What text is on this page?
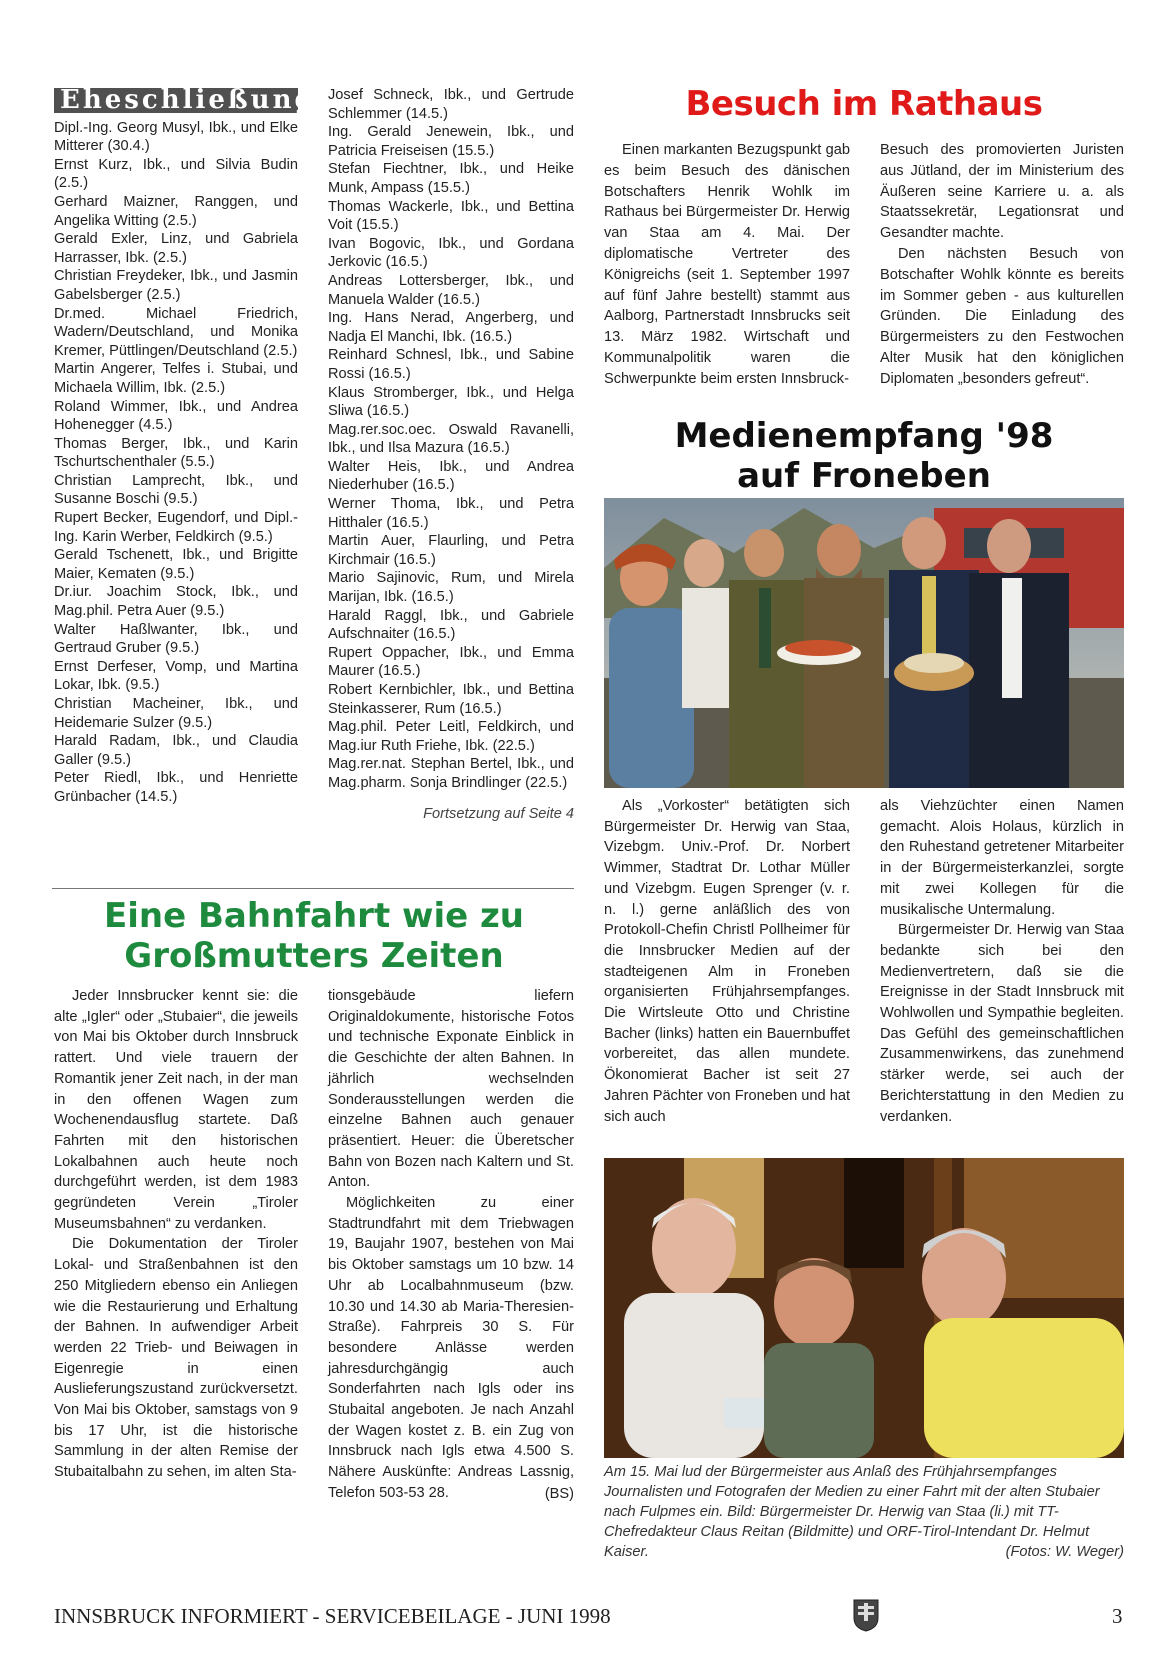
Eheschließungen

Dipl.-Ing. Georg Musyl, Ibk., und Elke Mitterer (30.4.)

Ernst Kurz, Ibk., und Silvia Budin (2.5.)

Gerhard Maizner, Ranggen, und Angelika Witting (2.5.)

Gerald Exler, Linz, und Gabriela Harrasser, Ibk. (2.5.)

Christian Freydeker, Ibk., und Jasmin Gabelsberger (2.5.)

Dr.med. Michael Friedrich, Wadern/Deutschland, und Monika Kremer, Püttlingen/Deutschland (2.5.)

Martin Angerer, Telfes i. Stubai, und Michaela Willim, Ibk. (2.5.)

Roland Wimmer, Ibk., und Andrea Hohenegger (4.5.)

Thomas Berger, Ibk., und Karin Tschurtschenthaler (5.5.)

Christian Lamprecht, Ibk., und Susanne Boschi (9.5.)

Rupert Becker, Eugendorf, und Dipl.-Ing. Karin Werber, Feldkirch (9.5.)

Gerald Tschenett, Ibk., und Brigitte Maier, Kematen (9.5.)

Dr.iur. Joachim Stock, Ibk., und Mag.phil. Petra Auer (9.5.)

Walter Haßlwanter, Ibk., und Gertraud Gruber (9.5.)

Ernst Derfeser, Vomp, und Martina Lokar, Ibk. (9.5.)

Christian Macheiner, Ibk., und Heidemarie Sulzer (9.5.)

Harald Radam, Ibk., und Claudia Galler (9.5.)

Peter Riedl, Ibk., und Henriette Grünbacher (14.5.)

Josef Schneck, Ibk., und Gertrude Schlemmer (14.5.)

Ing. Gerald Jenewein, Ibk., und Patricia Freiseisen (15.5.)

Stefan Fiechtner, Ibk., und Heike Munk, Ampass (15.5.)

Thomas Wackerle, Ibk., und Bettina Voit (15.5.)

Ivan Bogovic, Ibk., und Gordana Jerkovic (16.5.)

Andreas Lottersberger, Ibk., und Manuela Walder (16.5.)

Ing. Hans Nerad, Angerberg, und Nadja El Manchi, Ibk. (16.5.)

Reinhard Schnesl, Ibk., und Sabine Rossi (16.5.)

Klaus Stromberger, Ibk., und Helga Sliwa (16.5.)

Mag.rer.soc.oec. Oswald Ravanelli, Ibk., und Ilsa Mazura (16.5.)

Walter Heis, Ibk., und Andrea Niederhuber (16.5.)

Werner Thoma, Ibk., und Petra Hitthaler (16.5.)

Martin Auer, Flaurling, und Petra Kirchmair (16.5.)

Mario Sajinovic, Rum, und Mirela Marijan, Ibk. (16.5.)

Harald Raggl, Ibk., und Gabriele Aufschnaiter (16.5.)

Rupert Oppacher, Ibk., und Emma Maurer (16.5.)

Robert Kernbichler, Ibk., und Bettina Steinkasserer, Rum (16.5.)

Mag.phil. Peter Leitl, Feldkirch, und Mag.iur Ruth Friehe, Ibk. (22.5.)

Mag.rer.nat. Stephan Bertel, Ibk., und Mag.pharm. Sonja Brindlinger (22.5.)

Fortsetzung auf Seite 4

Eine Bahnfahrt wie zu
Großmutters Zeiten

Jeder Innsbrucker kennt sie: die alte „Igler“ oder „Stubaier“, die jeweils von Mai bis Oktober durch Innsbruck rattert. Und viele trauern der Romantik jener Zeit nach, in der man in den offenen Wagen zum Wochenendausflug startete. Daß Fahrten mit den historischen Lokalbahnen auch heute noch durchgeführt werden, ist dem 1983 gegründeten Verein „Tiroler Museumsbahnen“ zu verdanken.

Die Dokumentation der Tiroler Lokal- und Straßenbahnen ist den 250 Mitgliedern ebenso ein Anliegen wie die Restaurierung und Erhaltung der Bahnen. In aufwendiger Arbeit werden 22 Trieb- und Beiwagen in Eigenregie in einen Auslieferungszustand zurückversetzt. Von Mai bis Oktober, samstags von 9 bis 17 Uhr, ist die historische Sammlung in der alten Remise der Stubaitalbahn zu sehen, im alten Sta-

tionsgebäude liefern Originaldokumente, historische Fotos und technische Exponate Einblick in die Geschichte der alten Bahnen. In jährlich wechselnden Sonderausstellungen werden die einzelne Bahnen auch genauer präsentiert. Heuer: die Überetscher Bahn von Bozen nach Kaltern und St. Anton.

Möglichkeiten zu einer Stadtrundfahrt mit dem Triebwagen 19, Baujahr 1907, bestehen von Mai bis Oktober samstags um 10 bzw. 14 Uhr ab Localbahnmuseum (bzw. 10.30 und 14.30 ab Maria-Theresien-Straße). Fahrpreis 30 S. Für besondere Anlässe werden jahresdurchgängig auch Sonderfahrten nach Igls oder ins Stubaital angeboten. Je nach Anzahl der Wagen kostet z. B. ein Zug von Innsbruck nach Igls etwa 4.500 S. Nähere Auskünfte: Andreas Lassnig, Telefon 503-53 28.	(BS)

Besuch im Rathaus

Einen markanten Bezugspunkt gab es beim Besuch des dänischen Botschafters Henrik Wohlk im Rathaus bei Bürgermeister Dr. Herwig van Staa am 4. Mai. Der diplomatische Vertreter des Königreichs (seit 1. September 1997 auf fünf Jahre bestellt) stammt aus Aalborg, Partnerstadt Innsbrucks seit 13. März 1982. Wirtschaft und Kommunalpolitik waren die Schwerpunkte beim ersten Innsbruck-

Besuch des promovierten Juristen aus Jütland, der im Ministerium des Äußeren seine Karriere u. a. als Staatssekretär, Legationsrat und Gesandter machte.

Den nächsten Besuch von Botschafter Wohlk könnte es bereits im Sommer geben - aus kulturellen Gründen. Die Einladung des Bürgermeisters zu den Festwochen Alter Musik hat den königlichen Diplomaten „besonders gefreut“.

Medienempfang '98
auf Froneben

Als „Vorkoster“ betätigten sich Bürgermeister Dr. Herwig van Staa, Vizebgm. Univ.-Prof. Dr. Norbert Wimmer, Stadtrat Dr. Lothar Müller und Vizebgm. Eugen Sprenger (v. r. n. l.) gerne anläßlich des von Protokoll-Chefin Christl Pollheimer für die Innsbrucker Medien auf der stadteigenen Alm in Froneben organisierten Frühjahrsempfanges. Die Wirtsleute Otto und Christine Bacher (links) hatten ein Bauernbuffet vorbereitet, das allen mundete. Ökonomierat Bacher ist seit 27 Jahren Pächter von Froneben und hat sich auch

als Viehzüchter einen Namen gemacht. Alois Holaus, kürzlich in den Ruhestand getretener Mitarbeiter in der Bürgermeisterkanzlei, sorgte mit zwei Kollegen für die musikalische Untermalung.

Bürgermeister Dr. Herwig van Staa bedankte sich bei den Medienvertretern, daß sie die Ereignisse in der Stadt Innsbruck mit Wohlwollen und Sympathie begleiten. Das Gefühl des gemeinschaftlichen Zusammenwirkens, das zunehmend stärker werde, sei auch der Berichterstattung in den Medien zu verdanken.

Am 15. Mai lud der Bürgermeister aus Anlaß des Frühjahrsempfanges Journalisten und Fotografen der Medien zu einer Fahrt mit der alten Stubaier nach Fulpmes ein. Bild: Bürgermeister Dr. Herwig van Staa (li.) mit TT-Chefredakteur Claus Reitan (Bildmitte) und ORF-Tirol-Intendant Dr. Helmut Kaiser.	(Fotos: W. Weger)
INNSBRUCK INFORMIERT - SERVICEBEILAGE - JUNI 1998	3
